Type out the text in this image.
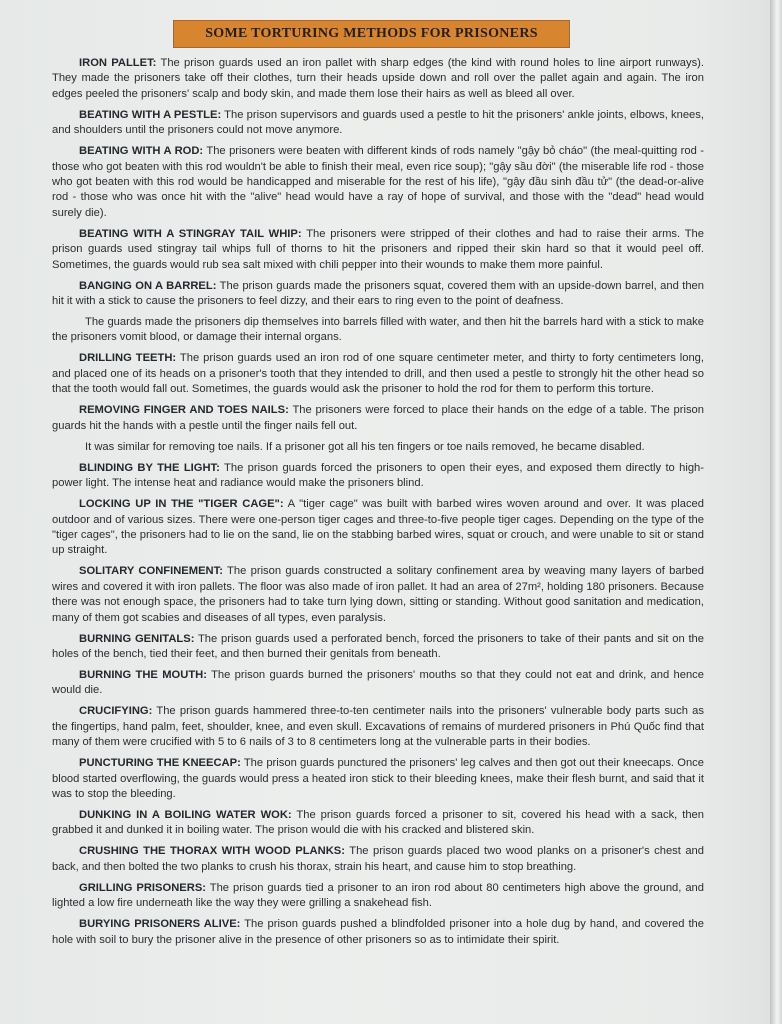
SOME TORTURING METHODS FOR PRISONERS

IRON PALLET: The prison guards used an iron pallet with sharp edges (the kind with round holes to line airport runways). They made the prisoners take off their clothes, turn their heads upside down and roll over the pallet again and again. The iron edges peeled the prisoners' scalp and body skin, and made them lose their hairs as well as bleed all over.

BEATING WITH A PESTLE: The prison supervisors and guards used a pestle to hit the prisoners' ankle joints, elbows, knees, and shoulders until the prisoners could not move anymore.

BEATING WITH A ROD: The prisoners were beaten with different kinds of rods namely "gậy bỏ cháo" (the meal-quitting rod - those who got beaten with this rod wouldn't be able to finish their meal, even rice soup); "gậy sầu đời" (the miserable life rod - those who got beaten with this rod would be handicapped and miserable for the rest of his life), "gậy đầu sinh đầu tử" (the dead-or-alive rod - those who was once hit with the "alive" head would have a ray of hope of survival, and those with the "dead" head would surely die).

BEATING WITH A STINGRAY TAIL WHIP: The prisoners were stripped of their clothes and had to raise their arms. The prison guards used stingray tail whips full of thorns to hit the prisoners and ripped their skin hard so that it would peel off. Sometimes, the guards would rub sea salt mixed with chili pepper into their wounds to make them more painful.

BANGING ON A BARREL: The prison guards made the prisoners squat, covered them with an upside-down barrel, and then hit it with a stick to cause the prisoners to feel dizzy, and their ears to ring even to the point of deafness.

The guards made the prisoners dip themselves into barrels filled with water, and then hit the barrels hard with a stick to make the prisoners vomit blood, or damage their internal organs.

DRILLING TEETH: The prison guards used an iron rod of one square centimeter meter, and thirty to forty centimeters long, and placed one of its heads on a prisoner's tooth that they intended to drill, and then used a pestle to strongly hit the other head so that the tooth would fall out. Sometimes, the guards would ask the prisoner to hold the rod for them to perform this torture.

REMOVING FINGER AND TOES NAILS: The prisoners were forced to place their hands on the edge of a table. The prison guards hit the hands with a pestle until the finger nails fell out.

It was similar for removing toe nails. If a prisoner got all his ten fingers or toe nails removed, he became disabled.

BLINDING BY THE LIGHT: The prison guards forced the prisoners to open their eyes, and exposed them directly to high-power light. The intense heat and radiance would make the prisoners blind.

LOCKING UP IN THE "TIGER CAGE": A "tiger cage" was built with barbed wires woven around and over. It was placed outdoor and of various sizes. There were one-person tiger cages and three-to-five people tiger cages. Depending on the type of the "tiger cages", the prisoners had to lie on the sand, lie on the stabbing barbed wires, squat or crouch, and were unable to sit or stand up straight.

SOLITARY CONFINEMENT: The prison guards constructed a solitary confinement area by weaving many layers of barbed wires and covered it with iron pallets. The floor was also made of iron pallet. It had an area of 27m², holding 180 prisoners. Because there was not enough space, the prisoners had to take turn lying down, sitting or standing. Without good sanitation and medication, many of them got scabies and diseases of all types, even paralysis.

BURNING GENITALS: The prison guards used a perforated bench, forced the prisoners to take of their pants and sit on the holes of the bench, tied their feet, and then burned their genitals from beneath.

BURNING THE MOUTH: The prison guards burned the prisoners' mouths so that they could not eat and drink, and hence would die.

CRUCIFYING: The prison guards hammered three-to-ten centimeter nails into the prisoners' vulnerable body parts such as the fingertips, hand palm, feet, shoulder, knee, and even skull. Excavations of remains of murdered prisoners in Phú Quốc find that many of them were crucified with 5 to 6 nails of 3 to 8 centimeters long at the vulnerable parts in their bodies.

PUNCTURING THE KNEECAP: The prison guards punctured the prisoners' leg calves and then got out their kneecaps. Once blood started overflowing, the guards would press a heated iron stick to their bleeding knees, make their flesh burnt, and said that it was to stop the bleeding.

DUNKING IN A BOILING WATER WOK: The prison guards forced a prisoner to sit, covered his head with a sack, then grabbed it and dunked it in boiling water. The prison would die with his cracked and blistered skin.

CRUSHING THE THORAX WITH WOOD PLANKS: The prison guards placed two wood planks on a prisoner's chest and back, and then bolted the two planks to crush his thorax, strain his heart, and cause him to stop breathing.

GRILLING PRISONERS: The prison guards tied a prisoner to an iron rod about 80 centimeters high above the ground, and lighted a low fire underneath like the way they were grilling a snakehead fish.

BURYING PRISONERS ALIVE: The prison guards pushed a blindfolded prisoner into a hole dug by hand, and covered the hole with soil to bury the prisoner alive in the presence of other prisoners so as to intimidate their spirit.
